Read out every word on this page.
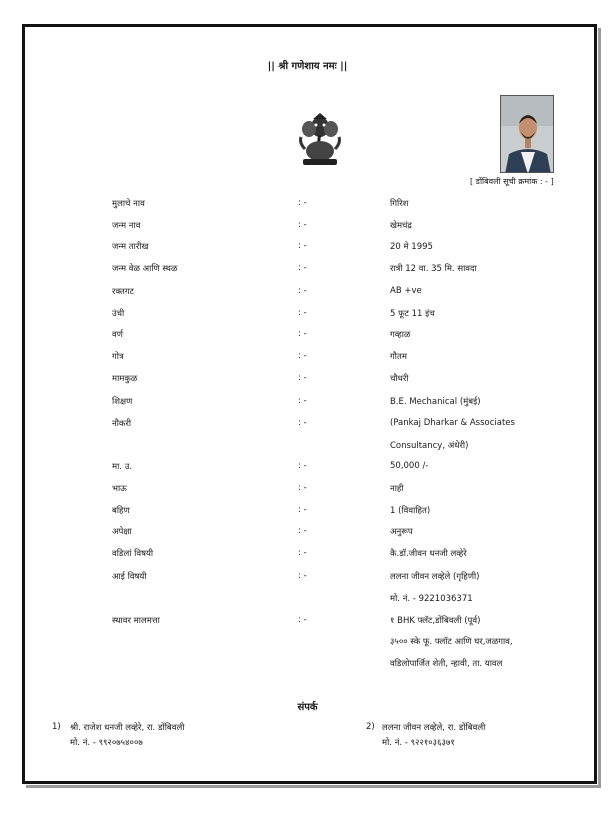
|| श्री गणेशाय नमः ||
[ डोंबिवली सूची क्रमांक : - ]
मुलाचे नाव	: -	गिरिश
जन्म नाव	: -	खेमचंद्र
जन्म तारीख	: -	20 मे 1995
जन्म वेळ आणि स्थळ	: -	रात्री 12 वा. 35 मि. सावदा
रक्तगट	: -	AB +ve
उंची	: -	5 फूट 11 इंच
वर्ण	: -	गव्हाळ
गोत्र	: -	गौतम
मामकुळ	: -	चौधरी
शिक्षण	: -	B.E. Mechanical (मुंबई)
नौकरी	: -	(Pankaj Dharkar & Associates
Consultancy, अंधेरी)
मा. उ.	: -	50,000 /-
भाऊ	: -	नाही
बहिण	: -	1 (विवाहित)
अपेक्षा	: -	अनुरूप
वडिलां विषयी	: -	कै.डॉ.जीवन धनजी लव्हेरे
आई विषयी	: -	ललना जीवन लव्हेले (गृहिणी)
मो. नं. - 9221036371
स्थावर मालमत्ता	: -	१ BHK फ्लॅट,डोंबिवली (पूर्व)
३५०० स्के फू. फ्लॉट आणि घर,जळगाव,
वडिलोपार्जित शेती, न्हावी, ता. यावल
संपर्क
1) श्री. राजेश धनजी लव्हेरे, रा. डोंबिवली
मो. नं. - ९९२०७५४००७
2) ललना जीवन लव्हेले, रा. डोंबिवली
मो. नं. - ९२२१०३६३७१
